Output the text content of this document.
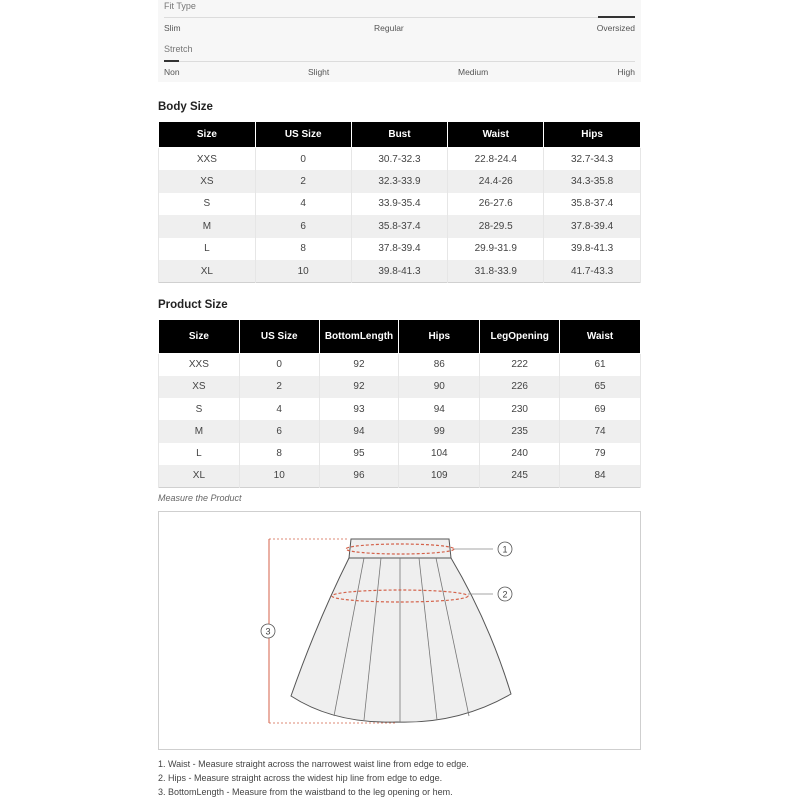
Fit Type
Slim	Regular	Oversized
Stretch
Non	Slight	Medium	High
Body Size
Size	US Size	Bust	Waist	Hips
XXS	0	30.7-32.3	22.8-24.4	32.7-34.3
XS	2	32.3-33.9	24.4-26	34.3-35.8
S	4	33.9-35.4	26-27.6	35.8-37.4
M	6	35.8-37.4	28-29.5	37.8-39.4
L	8	37.8-39.4	29.9-31.9	39.8-41.3
XL	10	39.8-41.3	31.8-33.9	41.7-43.3
Product Size
Size	US Size	BottomLength	Hips	LegOpening	Waist
XXS	0	92	86	222	61
XS	2	92	90	226	65
S	4	93	94	230	69
M	6	94	99	235	74
L	8	95	104	240	79
XL	10	96	109	245	84
Measure the Product
1
2
3
1. Waist - Measure straight across the narrowest waist line from edge to edge.
2. Hips - Measure straight across the widest hip line from edge to edge.
3. BottomLength - Measure from the waistband to the leg opening or hem.
